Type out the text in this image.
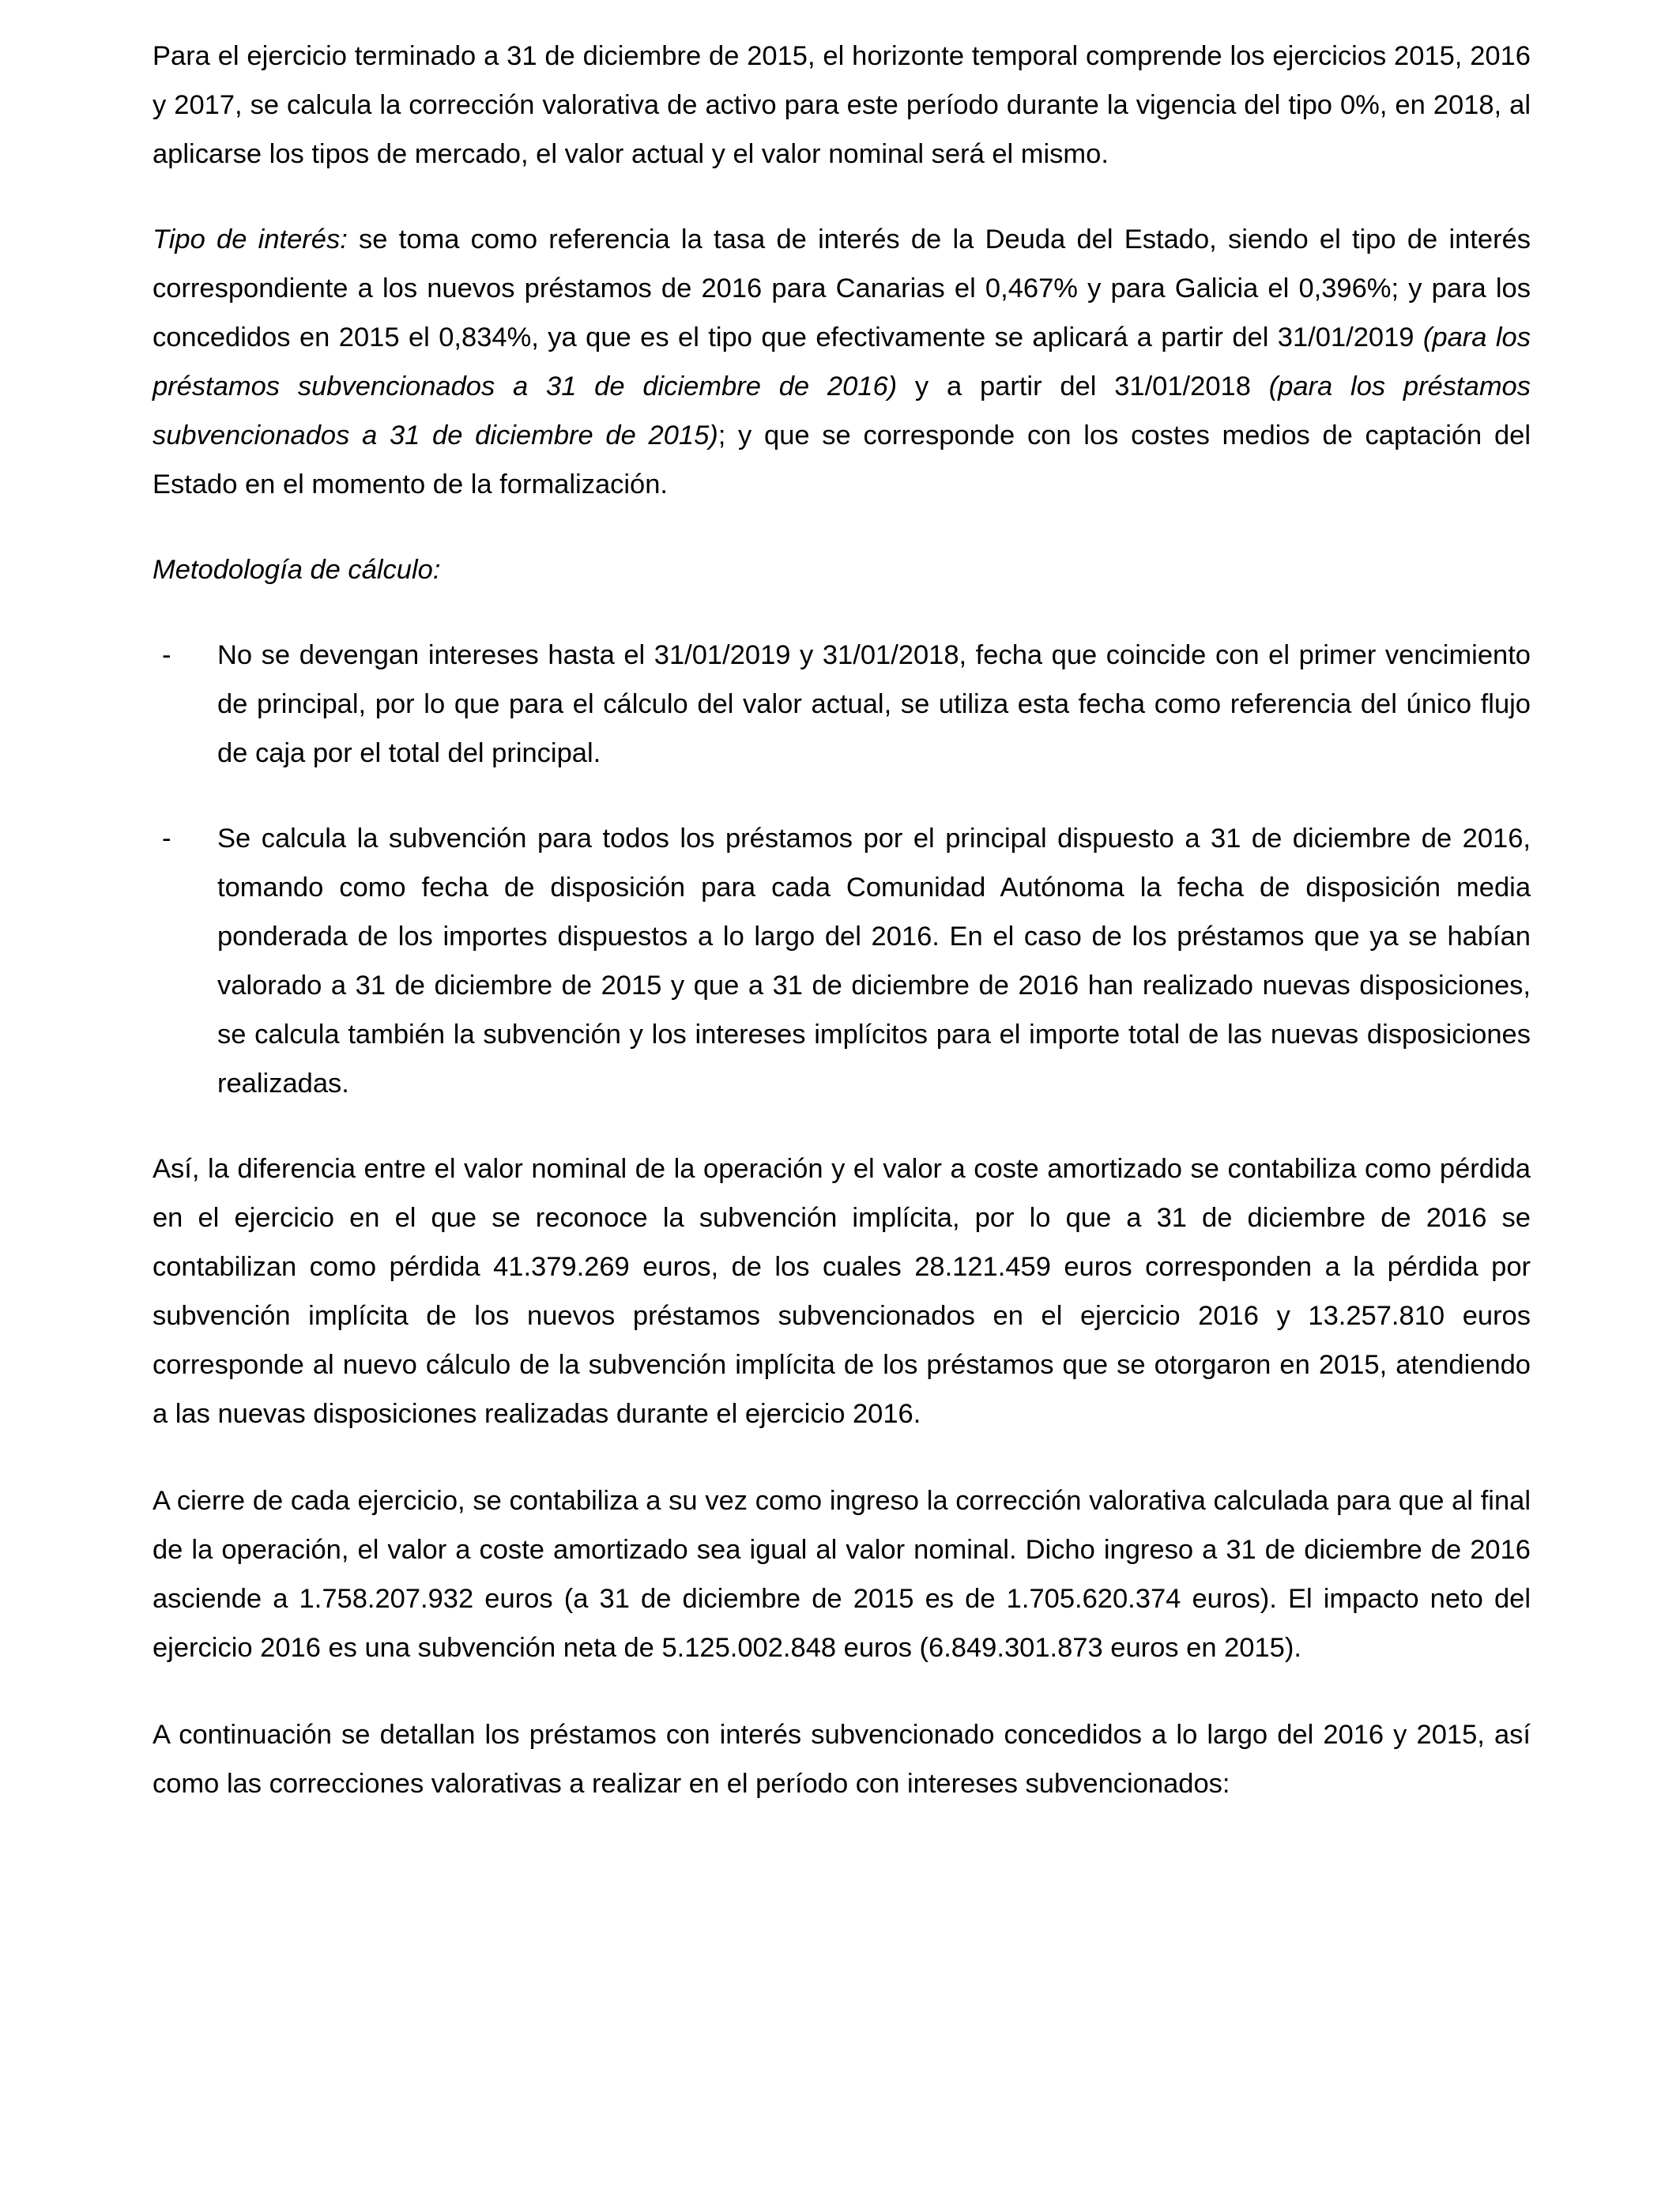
Para el ejercicio terminado a 31 de diciembre de 2015, el horizonte temporal comprende los ejercicios 2015, 2016 y 2017, se calcula la corrección valorativa de activo para este período durante la vigencia del tipo 0%, en 2018, al aplicarse los tipos de mercado, el valor actual y el valor nominal será el mismo.

Tipo de interés: se toma como referencia la tasa de interés de la Deuda del Estado, siendo el tipo de interés correspondiente a los nuevos préstamos de 2016 para Canarias el 0,467% y para Galicia el 0,396%; y para los concedidos en 2015 el 0,834%, ya que es el tipo que efectivamente se aplicará a partir del 31/01/2019 (para los préstamos subvencionados a 31 de diciembre de 2016) y a partir del 31/01/2018 (para los préstamos subvencionados a 31 de diciembre de 2015); y que se corresponde con los costes medios de captación del Estado en el momento de la formalización.

Metodología de cálculo:

-	No se devengan intereses hasta el 31/01/2019 y 31/01/2018, fecha que coincide con el primer vencimiento de principal, por lo que para el cálculo del valor actual, se utiliza esta fecha como referencia del único flujo de caja por el total del principal.
-	Se calcula la subvención para todos los préstamos por el principal dispuesto a 31 de diciembre de 2016, tomando como fecha de disposición para cada Comunidad Autónoma la fecha de disposición media ponderada de los importes dispuestos a lo largo del 2016. En el caso de los préstamos que ya se habían valorado a 31 de diciembre de 2015 y que a 31 de diciembre de 2016 han realizado nuevas disposiciones, se calcula también la subvención y los intereses implícitos para el importe total de las nuevas disposiciones realizadas.

Así, la diferencia entre el valor nominal de la operación y el valor a coste amortizado se contabiliza como pérdida en el ejercicio en el que se reconoce la subvención implícita, por lo que a 31 de diciembre de 2016 se contabilizan como pérdida 41.379.269 euros, de los cuales 28.121.459 euros corresponden a la pérdida por subvención implícita de los nuevos préstamos subvencionados en el ejercicio 2016 y 13.257.810 euros corresponde al nuevo cálculo de la subvención implícita de los préstamos que se otorgaron en 2015, atendiendo a las nuevas disposiciones realizadas durante el ejercicio 2016.

A cierre de cada ejercicio, se contabiliza a su vez como ingreso la corrección valorativa calculada para que al final de la operación, el valor a coste amortizado sea igual al valor nominal. Dicho ingreso a 31 de diciembre de 2016 asciende a 1.758.207.932 euros (a 31 de diciembre de 2015 es de 1.705.620.374 euros). El impacto neto del ejercicio 2016 es una subvención neta de 5.125.002.848 euros (6.849.301.873 euros en 2015).

A continuación se detallan los préstamos con interés subvencionado concedidos a lo largo del 2016 y 2015, así como las correcciones valorativas a realizar en el período con intereses subvencionados:
